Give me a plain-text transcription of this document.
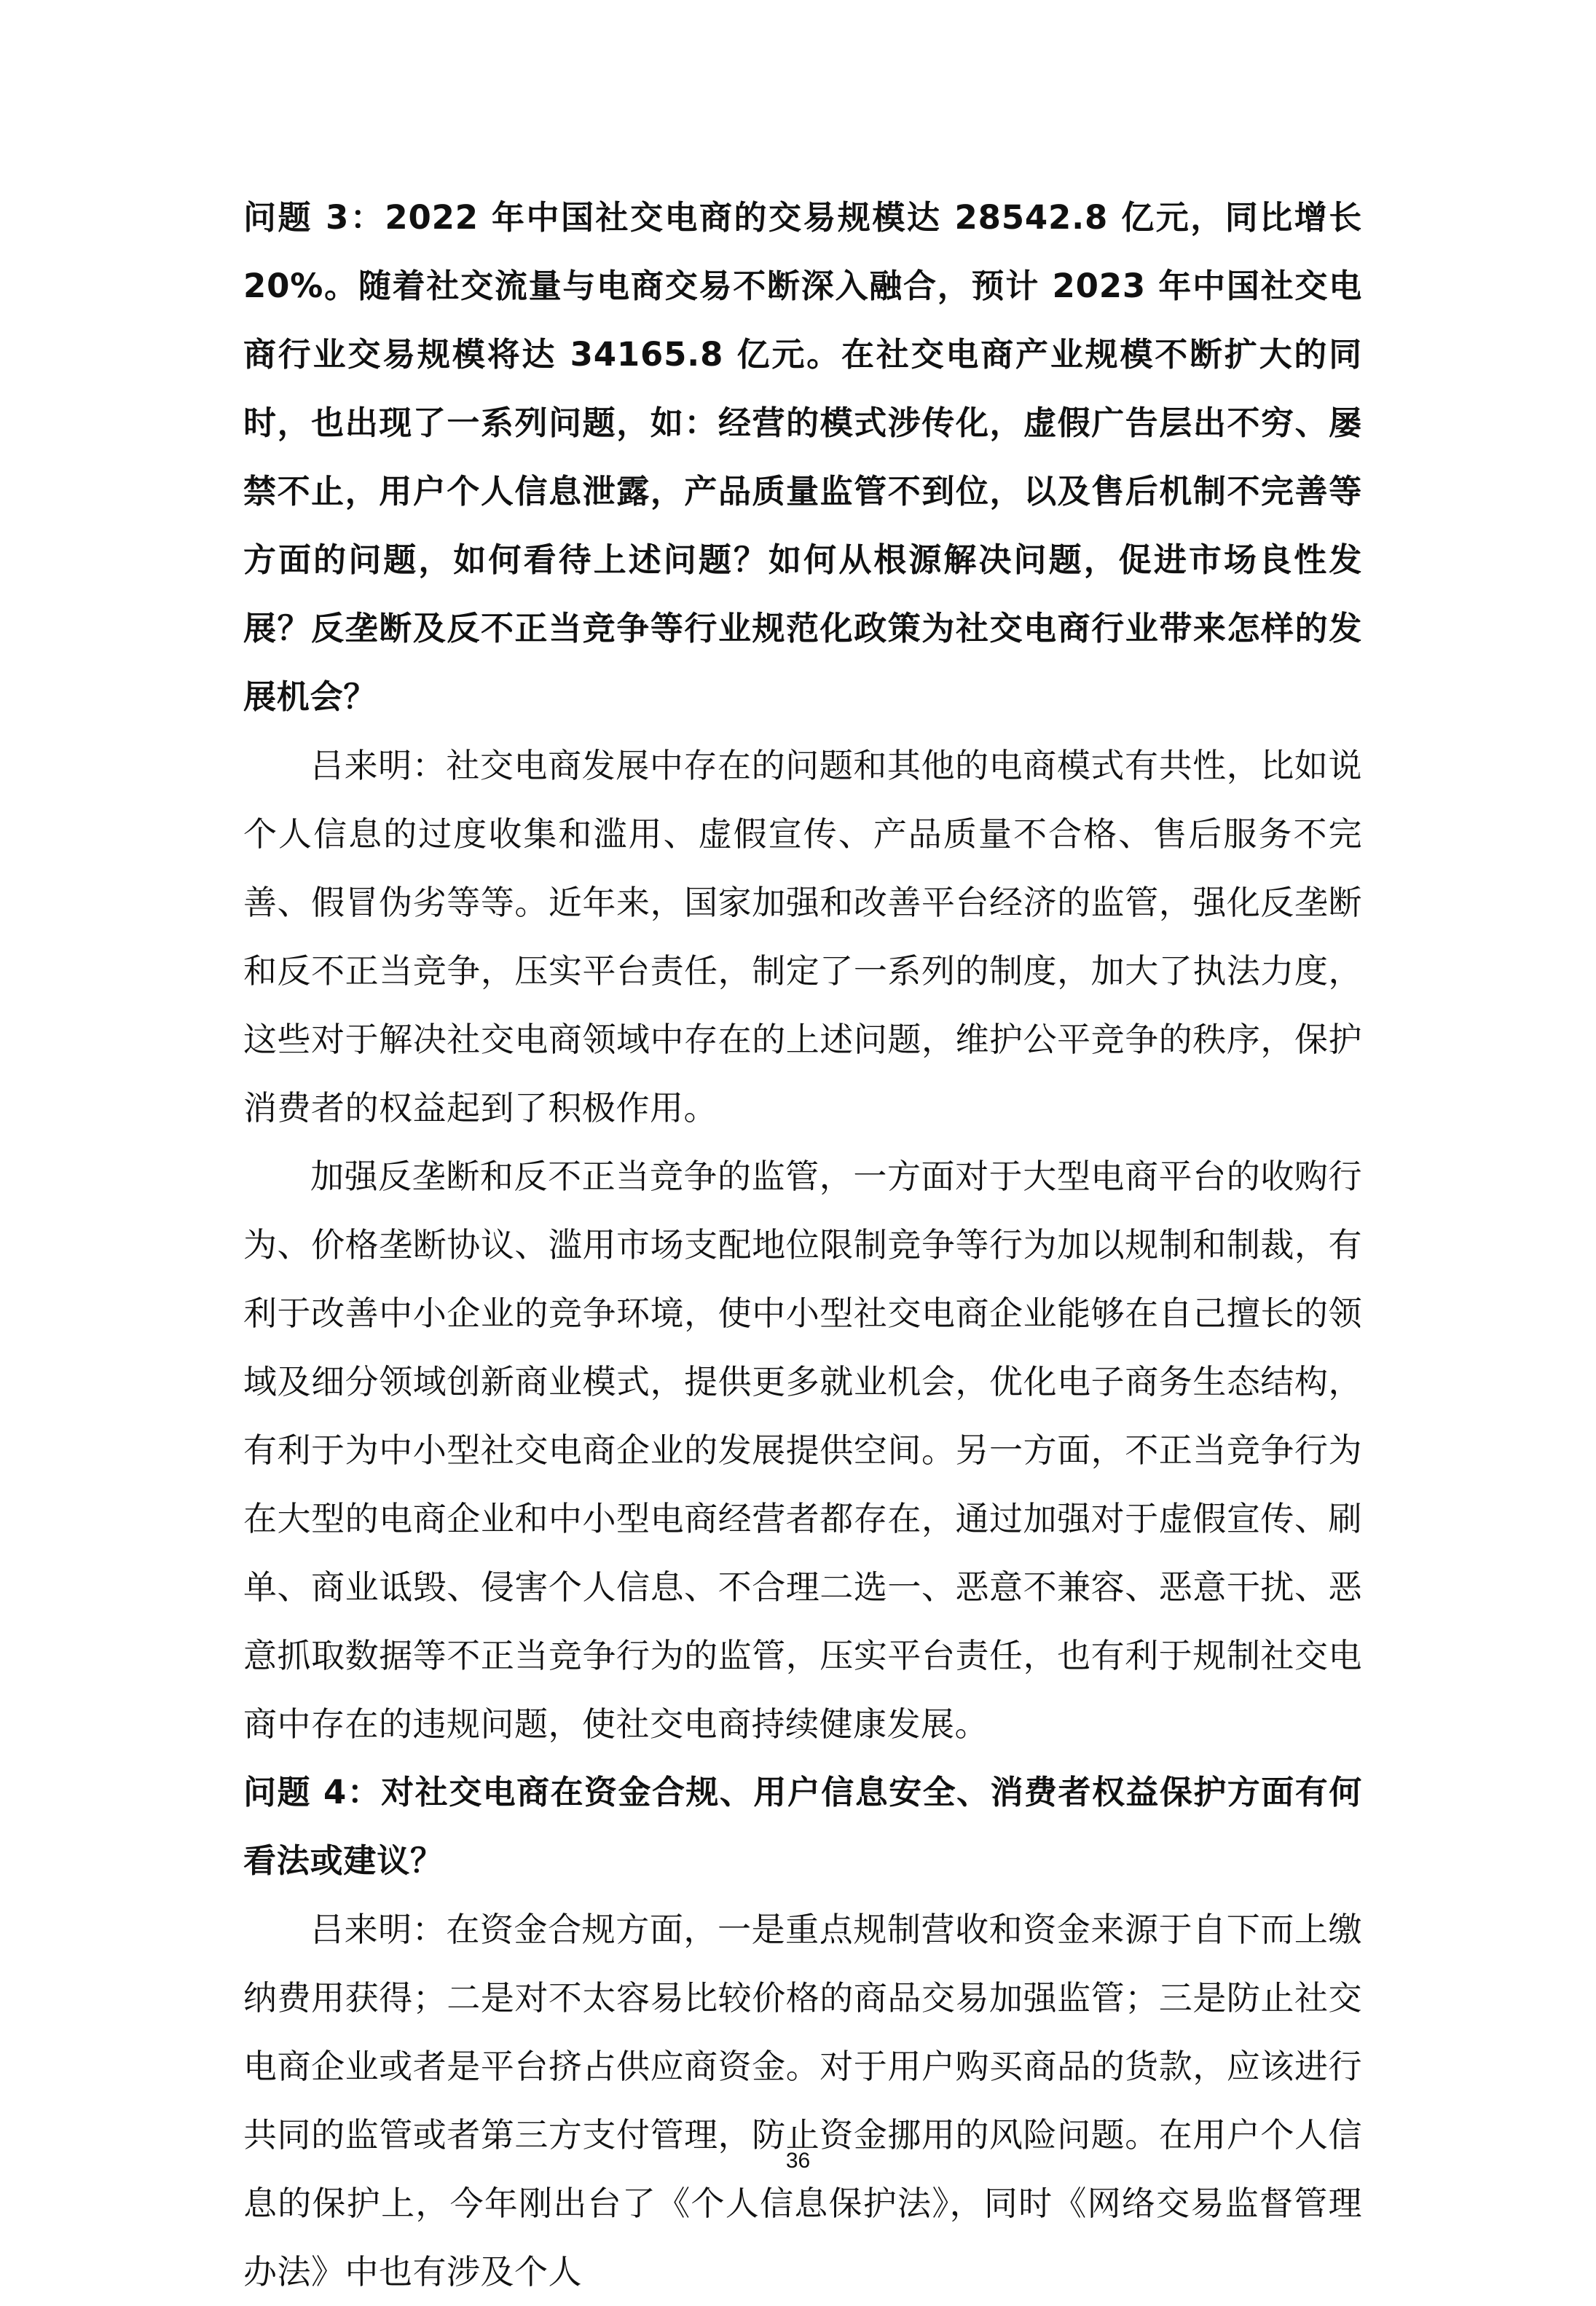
问题 3：2022 年中国社交电商的交易规模达 28542.8 亿元，同比增长 20%。随着社交流量与电商交易不断深入融合，预计 2023 年中国社交电商行业交易规模将达 34165.8 亿元。在社交电商产业规模不断扩大的同时，也出现了一系列问题，如：经营的模式涉传化，虚假广告层出不穷、屡禁不止，用户个人信息泄露，产品质量监管不到位，以及售后机制不完善等方面的问题，如何看待上述问题？如何从根源解决问题，促进市场良性发展？反垄断及反不正当竞争等行业规范化政策为社交电商行业带来怎样的发展机会？

吕来明：社交电商发展中存在的问题和其他的电商模式有共性，比如说个人信息的过度收集和滥用、虚假宣传、产品质量不合格、售后服务不完善、假冒伪劣等等。近年来，国家加强和改善平台经济的监管，强化反垄断和反不正当竞争，压实平台责任，制定了一系列的制度，加大了执法力度，这些对于解决社交电商领域中存在的上述问题，维护公平竞争的秩序，保护消费者的权益起到了积极作用。

加强反垄断和反不正当竞争的监管，一方面对于大型电商平台的收购行为、价格垄断协议、滥用市场支配地位限制竞争等行为加以规制和制裁，有利于改善中小企业的竞争环境，使中小型社交电商企业能够在自己擅长的领域及细分领域创新商业模式，提供更多就业机会，优化电子商务生态结构，有利于为中小型社交电商企业的发展提供空间。另一方面，不正当竞争行为在大型的电商企业和中小型电商经营者都存在，通过加强对于虚假宣传、刷单、商业诋毁、侵害个人信息、不合理二选一、恶意不兼容、恶意干扰、恶意抓取数据等不正当竞争行为的监管，压实平台责任，也有利于规制社交电商中存在的违规问题，使社交电商持续健康发展。

问题 4：对社交电商在资金合规、用户信息安全、消费者权益保护方面有何看法或建议？

吕来明：在资金合规方面，一是重点规制营收和资金来源于自下而上缴纳费用获得；二是对不太容易比较价格的商品交易加强监管；三是防止社交电商企业或者是平台挤占供应商资金。对于用户购买商品的货款，应该进行共同的监管或者第三方支付管理，防止资金挪用的风险问题。在用户个人信息的保护上，今年刚出台了《个人信息保护法》，同时《网络交易监督管理办法》中也有涉及个人

36
